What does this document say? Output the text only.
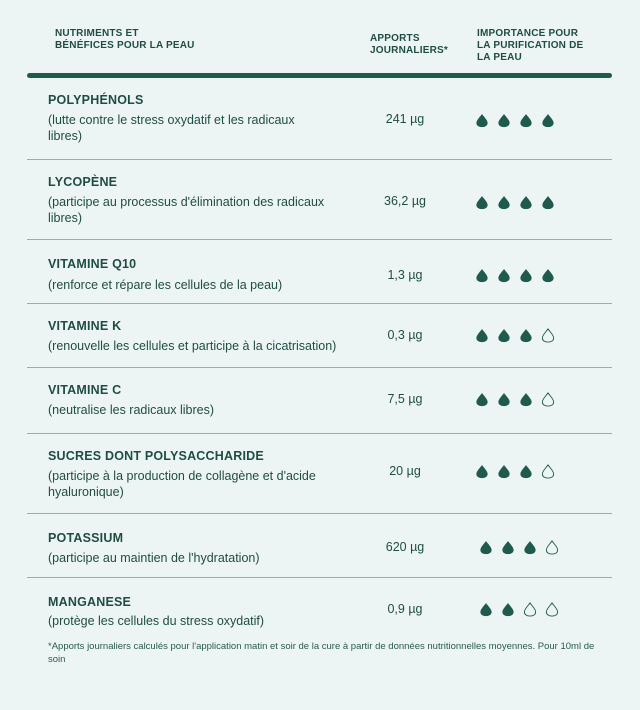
NUTRIMENTS ET
BÉNÉFICES POUR LA PEAU
APPORTS
JOURNALIERS*
IMPORTANCE POUR
LA PURIFICATION DE
LA PEAU
POLYPHÉNOLS
(lutte contre le stress oxydatif et les radicaux libres)
241 µg
LYCOPÈNE
(participe au processus d'élimination des radicaux libres)
36,2 µg
VITAMINE Q10
(renforce et répare les cellules de la peau)
1,3 µg
VITAMINE K
(renouvelle les cellules et participe à la cicatrisation)
0,3 µg
VITAMINE C
(neutralise les radicaux libres)
7,5 µg
SUCRES DONT POLYSACCHARIDE
(participe à la production de collagène et d'acide hyaluronique)
20 µg
POTASSIUM
(participe au maintien de l'hydratation)
620 µg
MANGANESE
(protège les cellules du stress oxydatif)
0,9 µg
*Apports journaliers calculés pour l'application matin et soir de la cure à partir de données nutritionnelles moyennes. Pour 10ml de soin
